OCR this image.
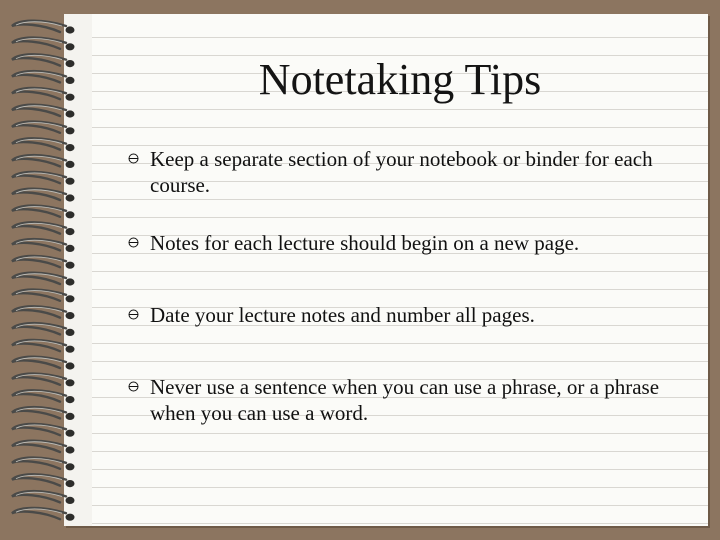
Notetaking Tips
Keep a separate section of your notebook or binder for each course.
Notes for each lecture should begin on a new page.
Date your lecture notes and number all pages.
Never use a sentence when you can use a phrase, or a phrase when you can use a word.
